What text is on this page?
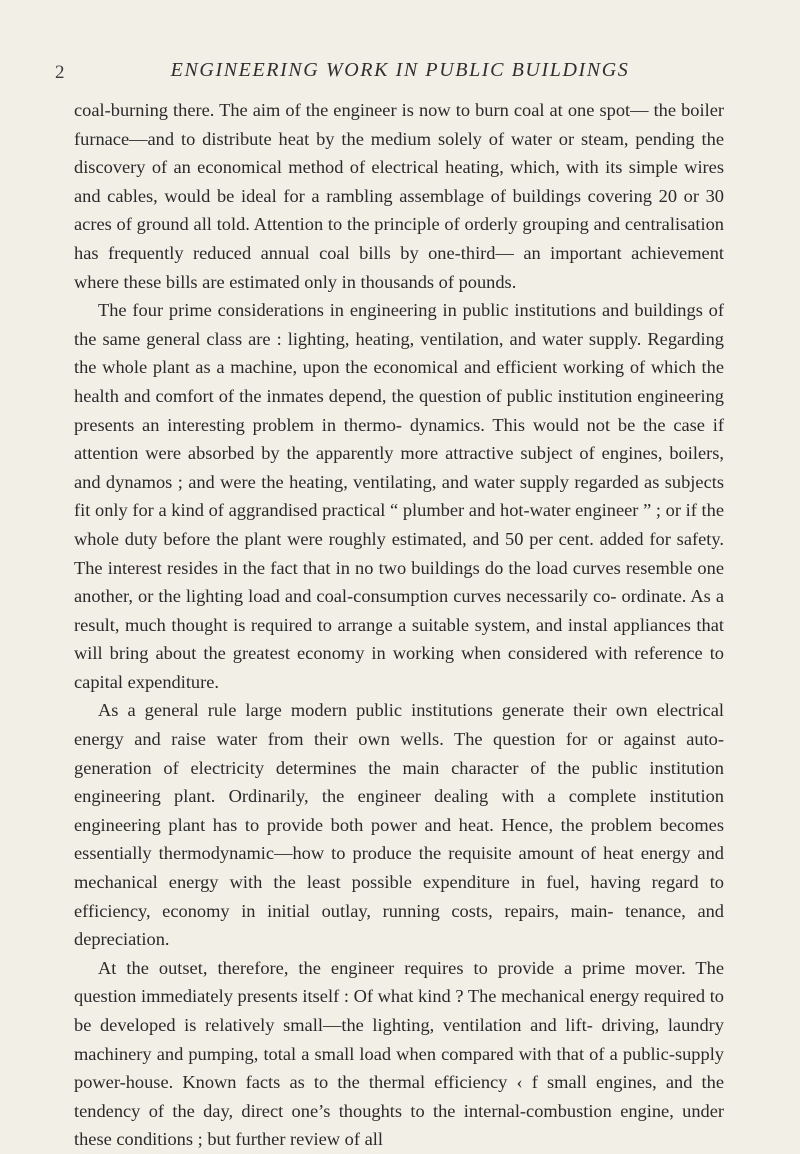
2	ENGINEERING WORK IN PUBLIC BUILDINGS

coal-burning there. The aim of the engineer is now to burn coal at one spot— the boiler furnace—and to distribute heat by the medium solely of water or steam, pending the discovery of an economical method of electrical heating, which, with its simple wires and cables, would be ideal for a rambling assemblage of buildings covering 20 or 30 acres of ground all told. Attention to the principle of orderly grouping and centralisation has frequently reduced annual coal bills by one-third— an important achievement where these bills are estimated only in thousands of pounds.

The four prime considerations in engineering in public institutions and buildings of the same general class are : lighting, heating, ventilation, and water supply. Regarding the whole plant as a machine, upon the economical and efficient working of which the health and comfort of the inmates depend, the question of public institution engineering presents an interesting problem in thermo- dynamics. This would not be the case if attention were absorbed by the apparently more attractive subject of engines, boilers, and dynamos ; and were the heating, ventilating, and water supply regarded as subjects fit only for a kind of aggrandised practical “ plumber and hot-water engineer ” ; or if the whole duty before the plant were roughly estimated, and 50 per cent. added for safety. The interest resides in the fact that in no two buildings do the load curves resemble one another, or the lighting load and coal-consumption curves necessarily co- ordinate. As a result, much thought is required to arrange a suitable system, and instal appliances that will bring about the greatest economy in working when considered with reference to capital expenditure.

As a general rule large modern public institutions generate their own electrical energy and raise water from their own wells. The question for or against auto- generation of electricity determines the main character of the public institution engineering plant. Ordinarily, the engineer dealing with a complete institution engineering plant has to provide both power and heat. Hence, the problem becomes essentially thermodynamic—how to produce the requisite amount of heat energy and mechanical energy with the least possible expenditure in fuel, having regard to efficiency, economy in initial outlay, running costs, repairs, main- tenance, and depreciation.

At the outset, therefore, the engineer requires to provide a prime mover. The question immediately presents itself : Of what kind ? The mechanical energy required to be developed is relatively small—the lighting, ventilation and lift- driving, laundry machinery and pumping, total a small load when compared with that of a public-supply power-house. Known facts as to the thermal efficiency ‹ f small engines, and the tendency of the day, direct one’s thoughts to the internal-combustion engine, under these conditions ; but further review of all
